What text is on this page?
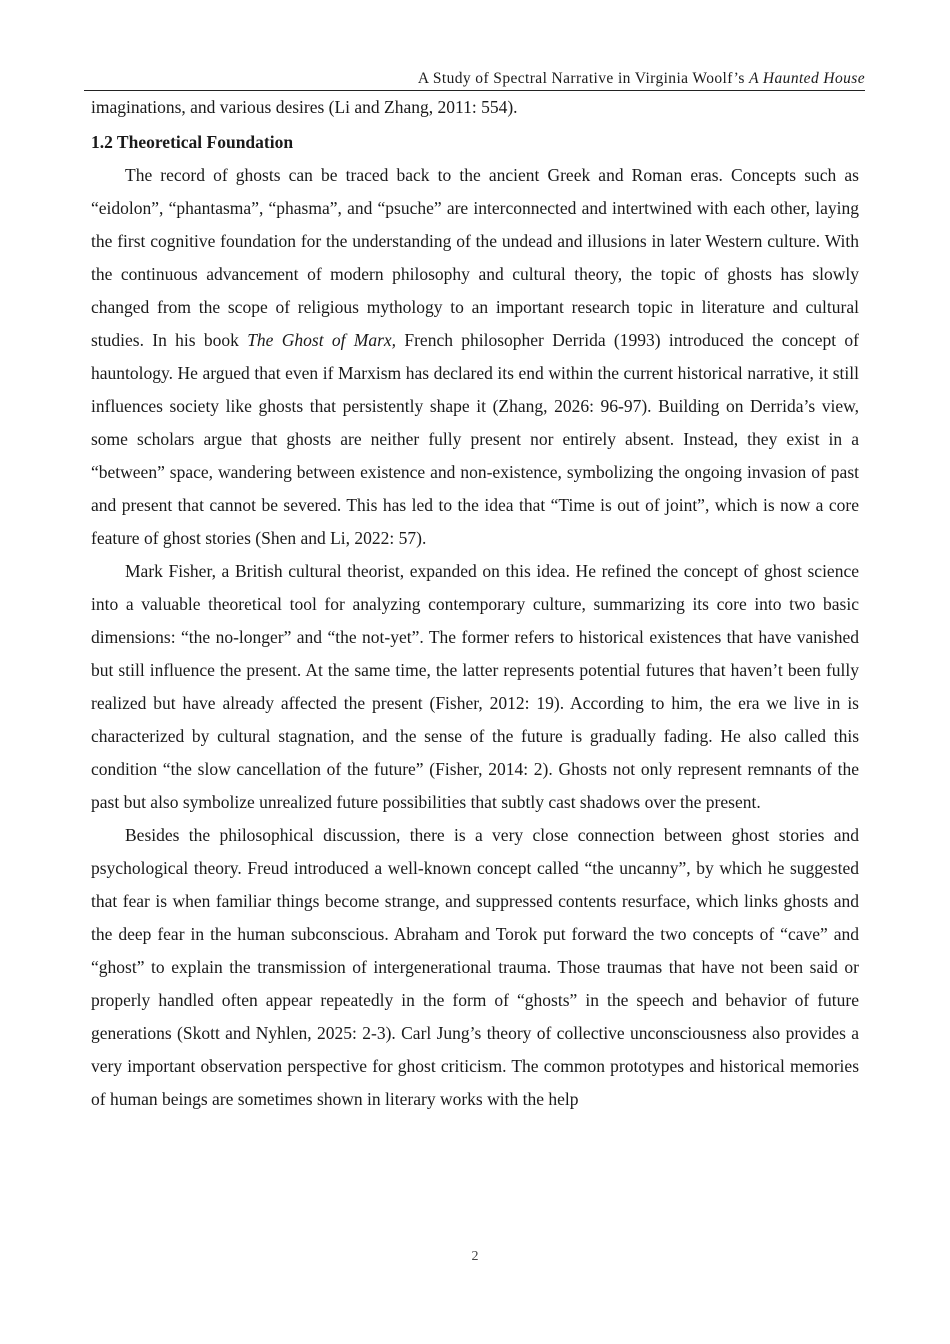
A Study of Spectral Narrative in Virginia Woolf’s A Haunted House
imaginations, and various desires (Li and Zhang, 2011: 554).
1.2 Theoretical Foundation

The record of ghosts can be traced back to the ancient Greek and Roman eras. Concepts such as “eidolon”, “phantasma”, “phasma”, and “psuche” are interconnected and intertwined with each other, laying the first cognitive foundation for the understanding of the undead and illusions in later Western culture. With the continuous advancement of modern philosophy and cultural theory, the topic of ghosts has slowly changed from the scope of religious mythology to an important research topic in literature and cultural studies. In his book The Ghost of Marx, French philosopher Derrida (1993) introduced the concept of hauntology. He argued that even if Marxism has declared its end within the current historical narrative, it still influences society like ghosts that persistently shape it (Zhang, 2026: 96-97). Building on Derrida’s view, some scholars argue that ghosts are neither fully present nor entirely absent. Instead, they exist in a “between” space, wandering between existence and non-existence, symbolizing the ongoing invasion of past and present that cannot be severed. This has led to the idea that “Time is out of joint”, which is now a core feature of ghost stories (Shen and Li, 2022: 57).

Mark Fisher, a British cultural theorist, expanded on this idea. He refined the concept of ghost science into a valuable theoretical tool for analyzing contemporary culture, summarizing its core into two basic dimensions: “the no-longer” and “the not-yet”. The former refers to historical existences that have vanished but still influence the present. At the same time, the latter represents potential futures that haven’t been fully realized but have already affected the present (Fisher, 2012: 19). According to him, the era we live in is characterized by cultural stagnation, and the sense of the future is gradually fading. He also called this condition “the slow cancellation of the future” (Fisher, 2014: 2). Ghosts not only represent remnants of the past but also symbolize unrealized future possibilities that subtly cast shadows over the present.

Besides the philosophical discussion, there is a very close connection between ghost stories and psychological theory. Freud introduced a well-known concept called “the uncanny”, by which he suggested that fear is when familiar things become strange, and suppressed contents resurface, which links ghosts and the deep fear in the human subconscious. Abraham and Torok put forward the two concepts of “cave” and “ghost” to explain the transmission of intergenerational trauma. Those traumas that have not been said or properly handled often appear repeatedly in the form of “ghosts” in the speech and behavior of future generations (Skott and Nyhlen, 2025: 2-3). Carl Jung’s theory of collective unconsciousness also provides a very important observation perspective for ghost criticism. The common prototypes and historical memories of human beings are sometimes shown in literary works with the help

2
